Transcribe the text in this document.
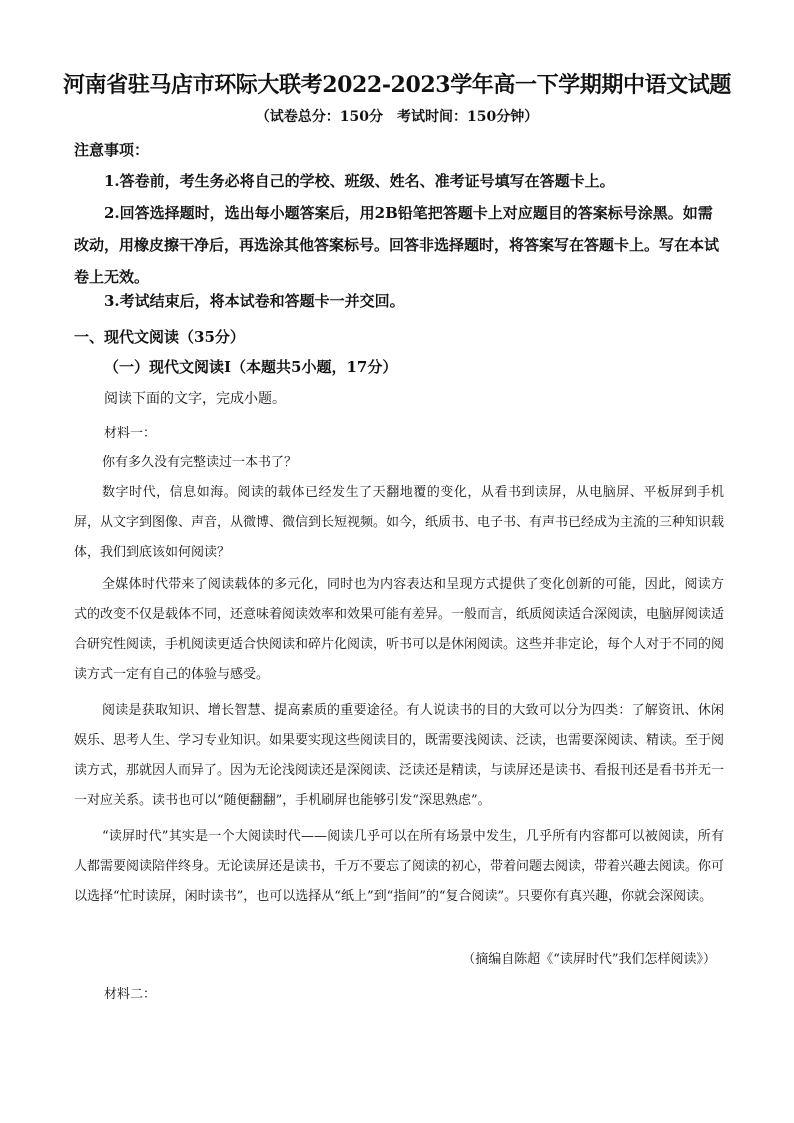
河南省驻马店市环际大联考2022-2023学年高一下学期期中语文试题
（试卷总分：150分　考试时间：150分钟）
注意事项：
1.答卷前，考生务必将自己的学校、班级、姓名、准考证号填写在答题卡上。
2.回答选择题时，选出每小题答案后，用2B铅笔把答题卡上对应题目的答案标号涂黑。如需改动，用橡皮擦干净后，再选涂其他答案标号。回答非选择题时，将答案写在答题卡上。写在本试卷上无效。
3.考试结束后，将本试卷和答题卡一并交回。
一、现代文阅读（35分）
（一）现代文阅读Ⅰ（本题共5小题，17分）
阅读下面的文字，完成小题。
材料一：
你有多久没有完整读过一本书了？
数字时代，信息如海。阅读的载体已经发生了天翻地覆的变化，从看书到读屏，从电脑屏、平板屏到手机屏，从文字到图像、声音，从微博、微信到长短视频。如今，纸质书、电子书、有声书已经成为主流的三种知识载体，我们到底该如何阅读？
全媒体时代带来了阅读载体的多元化，同时也为内容表达和呈现方式提供了变化创新的可能，因此，阅读方式的改变不仅是载体不同，还意味着阅读效率和效果可能有差异。一般而言，纸质阅读适合深阅读，电脑屏阅读适合研究性阅读，手机阅读更适合快阅读和碎片化阅读，听书可以是休闲阅读。这些并非定论，每个人对于不同的阅读方式一定有自己的体验与感受。
阅读是获取知识、增长智慧、提高素质的重要途径。有人说读书的目的大致可以分为四类：了解资讯、休闲娱乐、思考人生、学习专业知识。如果要实现这些阅读目的，既需要浅阅读、泛读，也需要深阅读、精读。至于阅读方式，那就因人而异了。因为无论浅阅读还是深阅读、泛读还是精读，与读屏还是读书、看报刊还是看书并无一一对应关系。读书也可以“随便翻翻”，手机刷屏也能够引发“深思熟虑”。
“读屏时代”其实是一个大阅读时代——阅读几乎可以在所有场景中发生，几乎所有内容都可以被阅读，所有人都需要阅读陪伴终身。无论读屏还是读书，千万不要忘了阅读的初心，带着问题去阅读，带着兴趣去阅读。你可以选择“忙时读屏，闲时读书”，也可以选择从“纸上”到“指间”的“复合阅读”。只要你有真兴趣，你就会深阅读。
（摘编自陈超《“读屏时代”我们怎样阅读》）
材料二：
